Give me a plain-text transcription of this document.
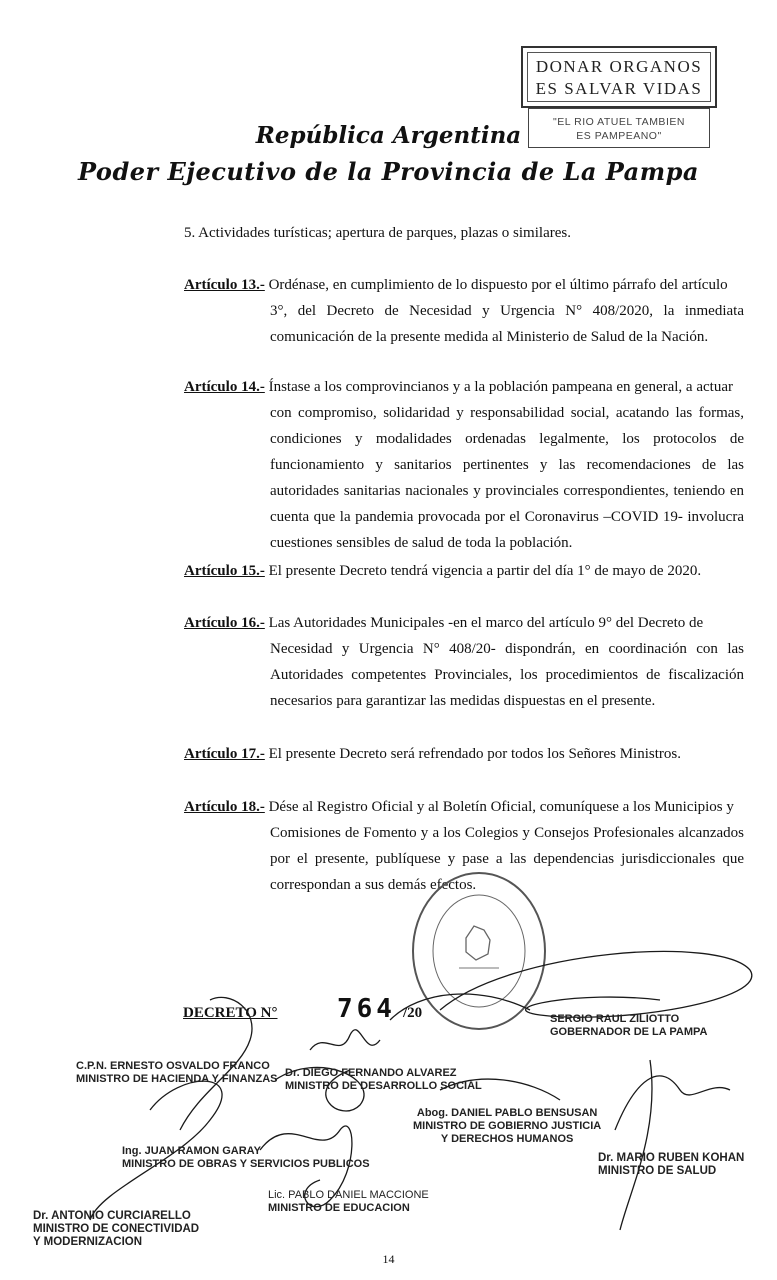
DONAR ORGANOS
ES SALVAR VIDAS
"EL RIO ATUEL TAMBIEN
ES PAMPEANO"
República Argentina
Poder Ejecutivo de la Provincia de La Pampa

5. Actividades turísticas; apertura de parques, plazas o similares.

Artículo 13.- Ordénase, en cumplimiento de lo dispuesto por el último párrafo del artículo
3°, del Decreto de Necesidad y Urgencia N° 408/2020, la inmediata comunicación de la presente medida al Ministerio de Salud de la Nación.

Artículo 14.- Ínstase a los comprovincianos y a la población pampeana en general, a actuar
con compromiso, solidaridad y responsabilidad social, acatando las formas, condiciones y modalidades ordenadas legalmente, los protocolos de funcionamiento y sanitarios pertinentes y las recomendaciones de las autoridades sanitarias nacionales y provinciales correspondientes, teniendo en cuenta que la pandemia provocada por el Coronavirus –COVID 19- involucra cuestiones sensibles de salud de toda la población.

Artículo 15.- El presente Decreto tendrá vigencia a partir del día 1° de mayo de 2020.

Artículo 16.- Las Autoridades Municipales -en el marco del artículo 9° del Decreto de
Necesidad y Urgencia N° 408/20- dispondrán, en coordinación con las Autoridades competentes Provinciales, los procedimientos de fiscalización necesarios para garantizar las medidas dispuestas en el presente.

Artículo 17.- El presente Decreto será refrendado por todos los Señores Ministros.

Artículo 18.- Dése al Registro Oficial y al Boletín Oficial, comuníquese a los Municipios y
Comisiones de Fomento y a los Colegios y Consejos Profesionales alcanzados por el presente, publíquese y pase a las dependencias jurisdiccionales que correspondan a sus demás efectos.

DECRETO N° 764 /20	SERGIO RAUL ZILIOTTO
GOBERNADOR DE LA PAMPA
C.P.N. ERNESTO OSVALDO FRANCO
MINISTRO DE HACIENDA Y FINANZAS Dr. DIEGO FERNANDO ALVAREZ
MINISTRO DE DESARROLLO SOCIAL
Abog. DANIEL PABLO BENSUSAN
MINISTRO DE GOBIERNO JUSTICIA
Y DERECHOS HUMANOS
Ing. JUAN RAMON GARAY
MINISTRO DE OBRAS Y SERVICIOS PUBLICOS	Dr. MARIO RUBEN KOHAN
MINISTRO DE SALUD
Lic. PABLO DANIEL MACCIONE
MINISTRO DE EDUCACION
Dr. ANTONIO CURCIARELLO
MINISTRO DE CONECTIVIDAD
Y MODERNIZACION
14
